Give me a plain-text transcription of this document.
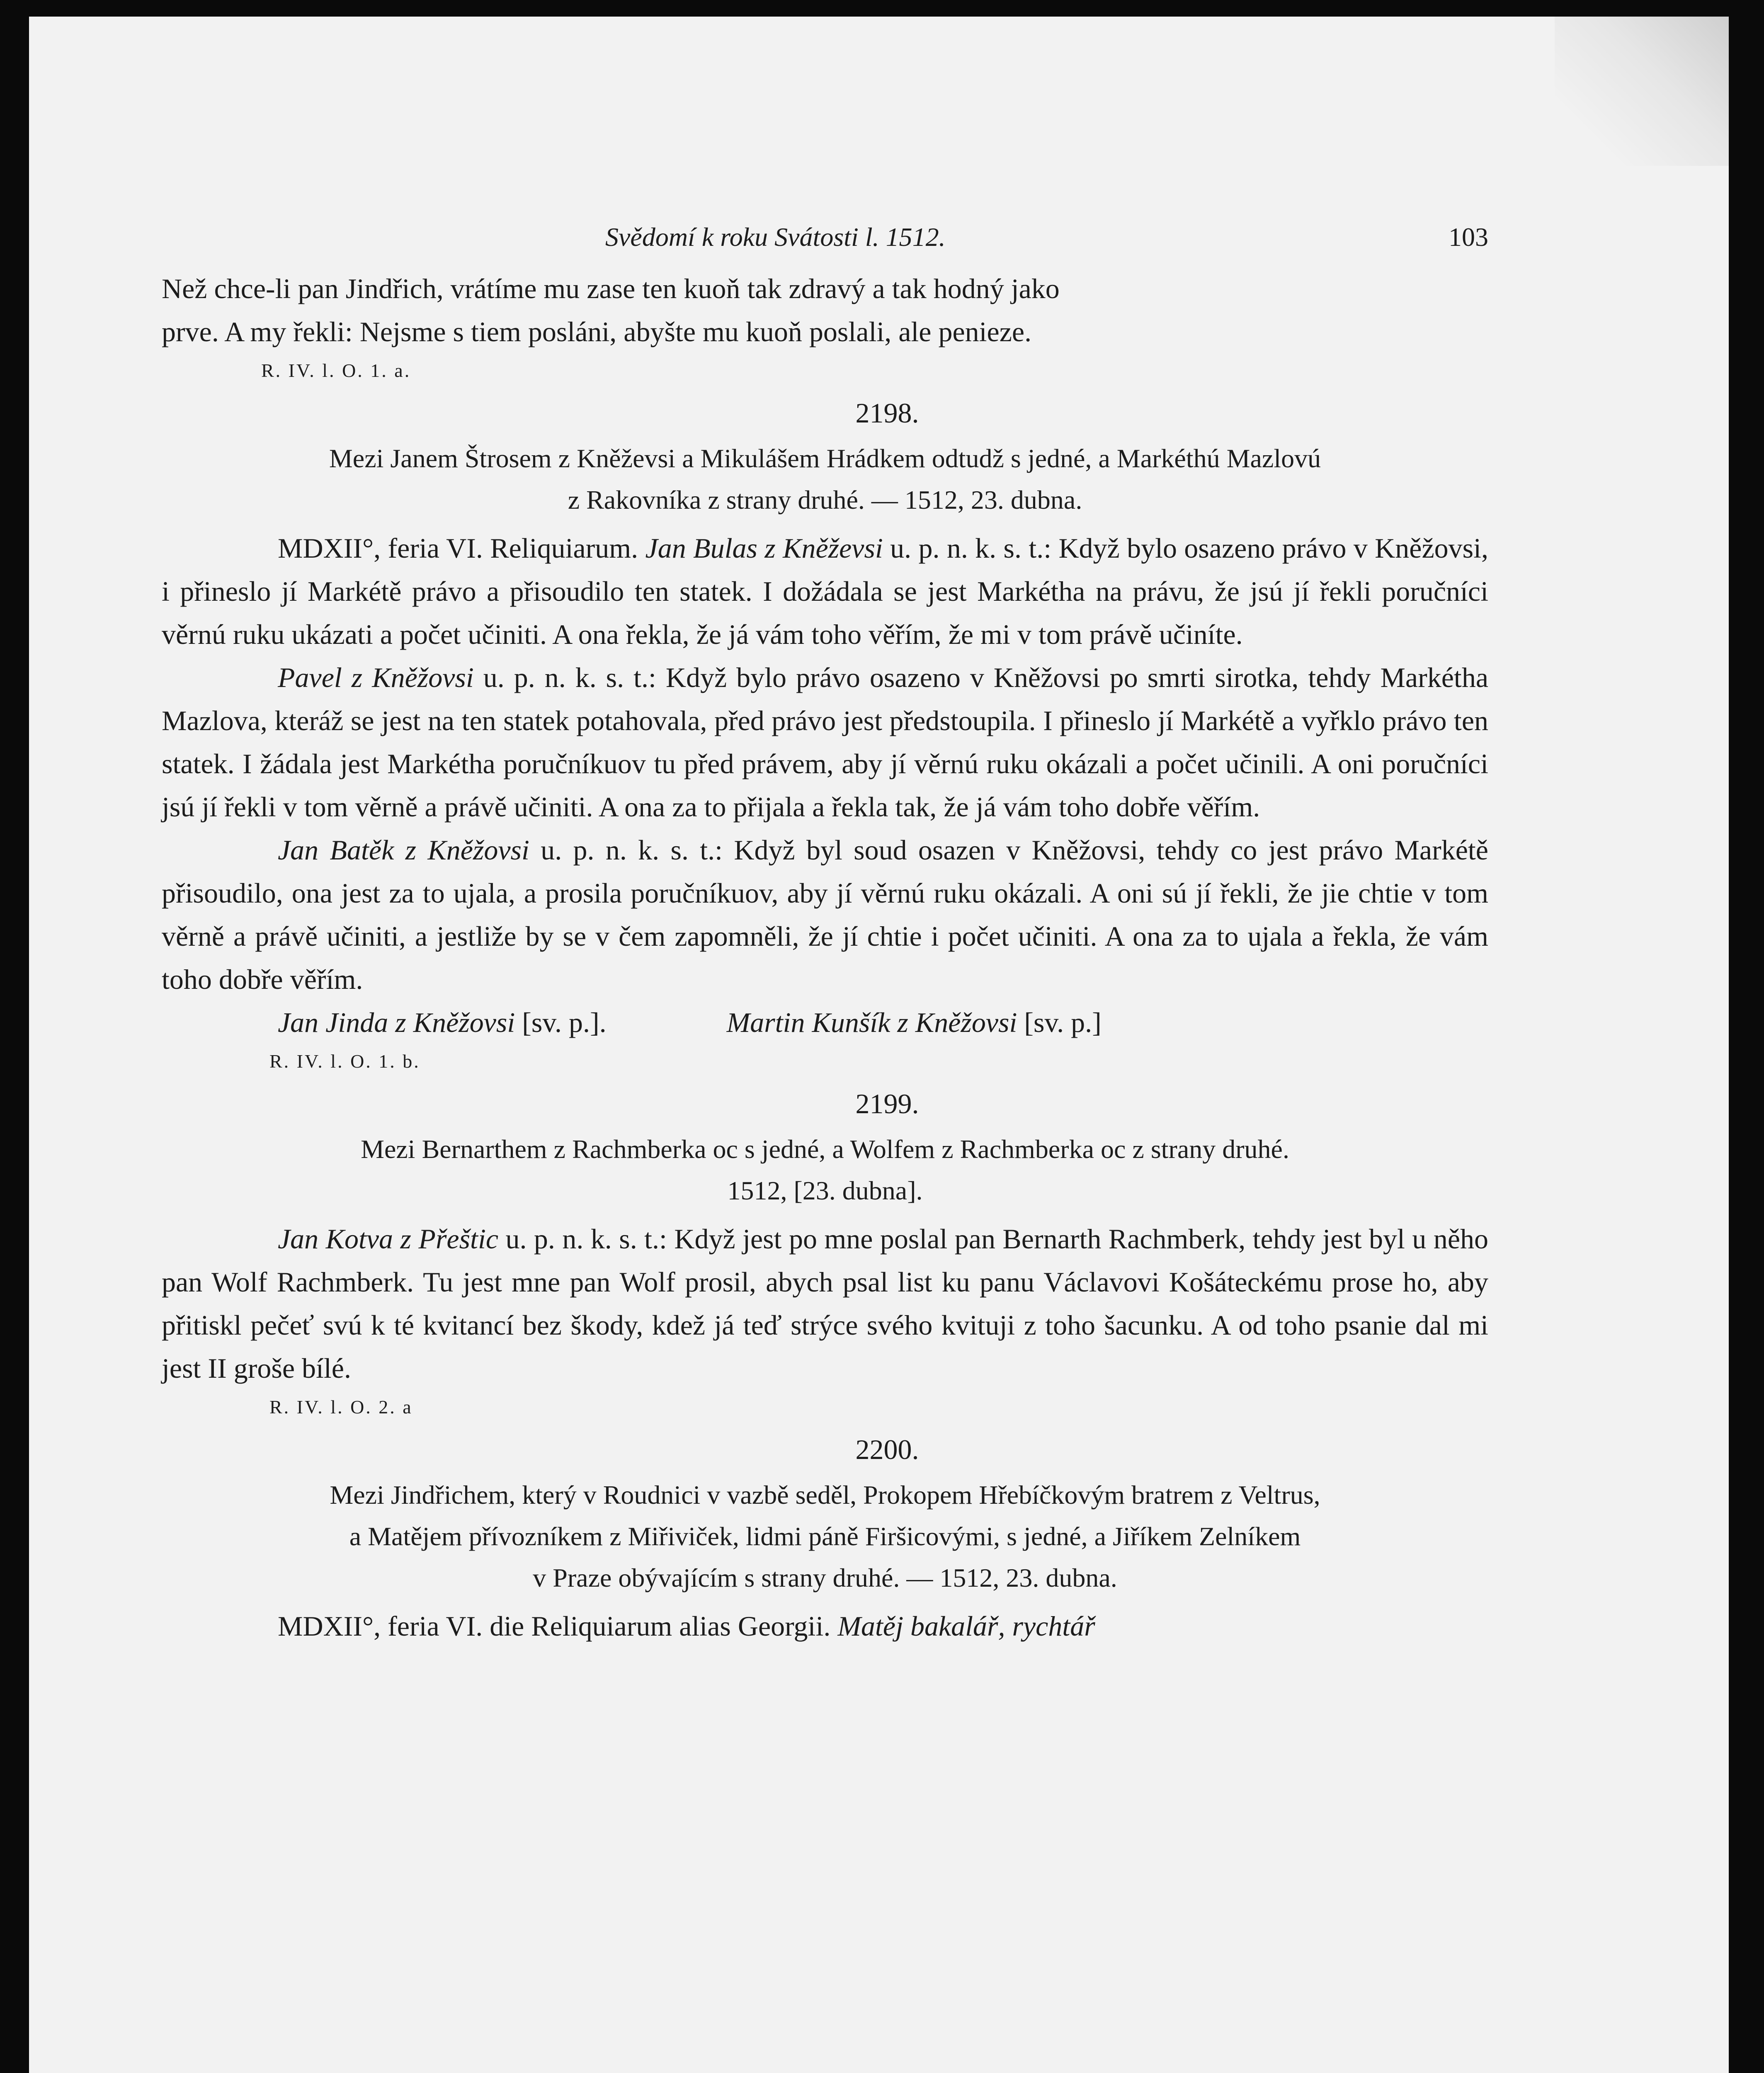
Svědomí k roku Svátosti l. 1512.	103

Než chce-li pan Jindřich, vrátíme mu zase ten kuoň tak zdravý a tak hodný jako

prve. A my řekli: Nejsme s tiem posláni, abyšte mu kuoň poslali, ale penieze.

R. IV. l. O. 1. a.
2198.

Mezi Janem Štrosem z Kněževsi a Mikulášem Hrádkem odtudž s jedné, a Markéthú Mazlovú

z Rakovníka z strany druhé. — 1512, 23. dubna.

MDXII°, feria VI. Reliquiarum. Jan Bulas z Kněževsi u. p. n. k. s. t.: Když bylo osazeno právo v Kněžovsi, i přineslo jí Markétě právo a přisoudilo ten statek. I dožádala se jest Markétha na právu, že jsú jí řekli poručníci věrnú ruku ukázati a počet učiniti. A ona řekla, že já vám toho věřím, že mi v tom právě učiníte.

Pavel z Kněžovsi u. p. n. k. s. t.: Když bylo právo osazeno v Kněžovsi po smrti sirotka, tehdy Markétha Mazlova, kteráž se jest na ten statek potahovala, před právo jest předstoupila. I přineslo jí Markétě a vyřklo právo ten statek. I žádala jest Markétha poručníkuov tu před právem, aby jí věrnú ruku okázali a počet učinili. A oni poručníci jsú jí řekli v tom věrně a právě učiniti. A ona za to přijala a řekla tak, že já vám toho dobře věřím.

Jan Batěk z Kněžovsi u. p. n. k. s. t.: Když byl soud osazen v Kněžovsi, tehdy co jest právo Markétě přisoudilo, ona jest za to ujala, a prosila poručníkuov, aby jí věrnú ruku okázali. A oni sú jí řekli, že jie chtie v tom věrně a právě učiniti, a jestliže by se v čem zapomněli, že jí chtie i počet učiniti. A ona za to ujala a řekla, že vám toho dobře věřím.

Jan Jinda z Kněžovsi [sv. p.].	Martin Kunšík z Kněžovsi [sv. p.]
R. IV. l. O. 1. b.
2199.

Mezi Bernarthem z Rachmberka oc s jedné, a Wolfem z Rachmberka oc z strany druhé.

1512, [23. dubna].

Jan Kotva z Přeštic u. p. n. k. s. t.: Když jest po mne poslal pan Bernarth Rachmberk, tehdy jest byl u něho pan Wolf Rachmberk. Tu jest mne pan Wolf prosil, abych psal list ku panu Václavovi Košáteckému prose ho, aby přitiskl pečeť svú k té kvitancí bez škody, kdež já teď strýce svého kvituji z toho šacunku. A od toho psanie dal mi jest II groše bílé.

R. IV. l. O. 2. a
2200.

Mezi Jindřichem, který v Roudnici v vazbě seděl, Prokopem Hřebíčkovým bratrem z Veltrus,

a Matějem přívozníkem z Miřiviček, lidmi páně Firšicovými, s jedné, a Jiříkem Zelníkem

v Praze obývajícím s strany druhé. — 1512, 23. dubna.

MDXII°, feria VI. die Reliquiarum alias Georgii. Matěj bakalář, rychtář
